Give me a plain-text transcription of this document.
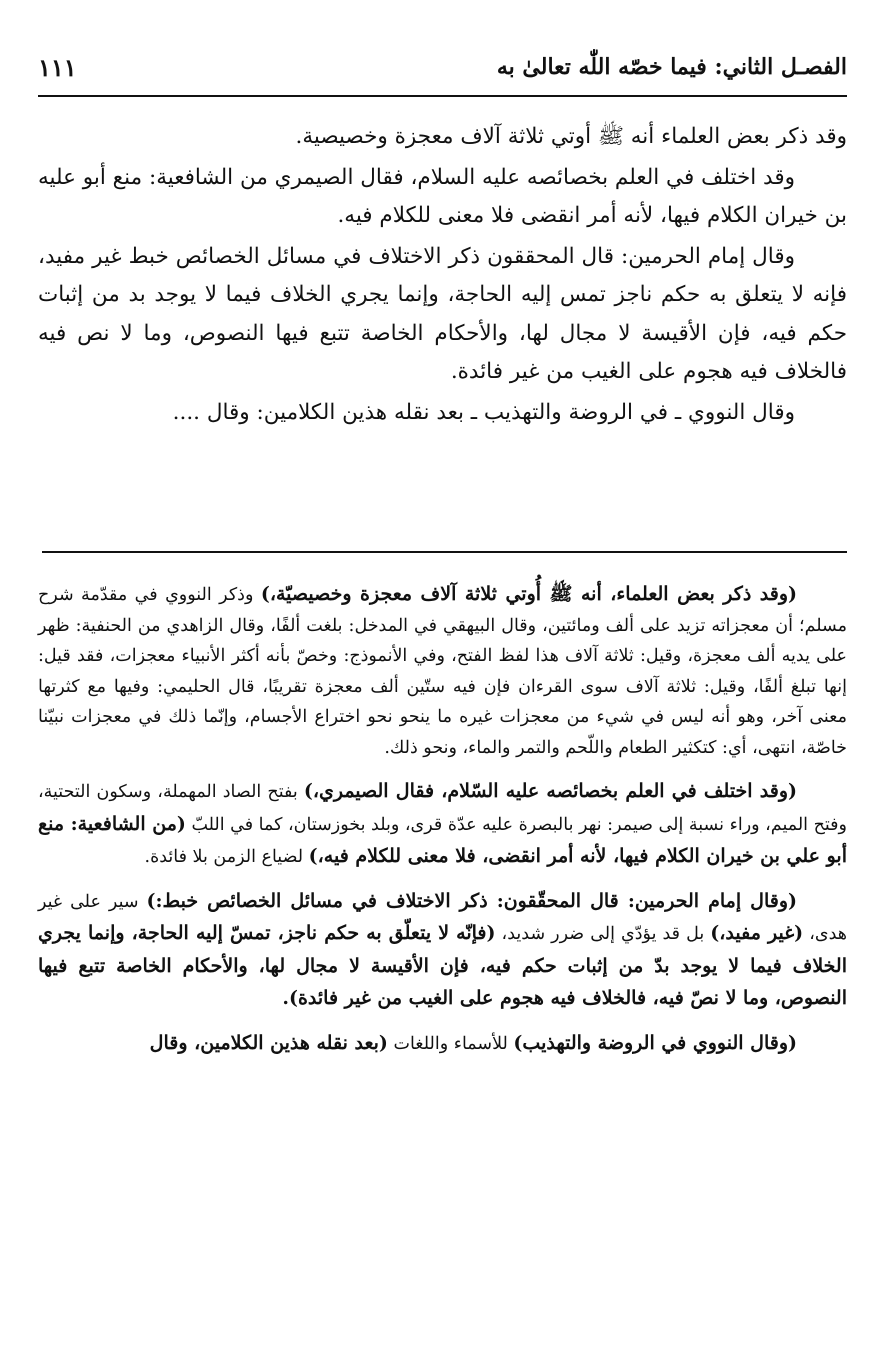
الفصـل الثاني: فيما خصّه اللّٰه تعالىٰ به
١١١

وقد ذكر بعض العلماء أنه ﷺ أوتي ثلاثة آلاف معجزة وخصيصية.

وقد اختلف في العلم بخصائصه عليه السلام، فقال الصيمري من الشافعية: منع أبو عليه بن خيران الكلام فيها، لأنه أمر انقضى فلا معنى للكلام فيه.

وقال إمام الحرمين: قال المحققون ذكر الاختلاف في مسائل الخصائص خبط غير مفيد، فإنه لا يتعلق به حكم ناجز تمس إليه الحاجة، وإنما يجري الخلاف فيما لا يوجد بد من إثبات حكم فيه، فإن الأقيسة لا مجال لها، والأحكام الخاصة تتبع فيها النصوص، وما لا نص فيه فالخلاف فيه هجوم على الغيب من غير فائدة.

وقال النووي ـ في الروضة والتهذيب ـ بعد نقله هذين الكلامين: وقال ....

(وقد ذكر بعض العلماء، أنه ﷺ أُوتي ثلاثة آلاف معجزة وخصيصيّة،) وذكر النووي في مقدّمة شرح مسلم؛ أن معجزاته تزيد على ألف ومائتين، وقال البيهقي في المدخل: بلغت ألفًا، وقال الزاهدي من الحنفية: ظهر على يديه ألف معجزة، وقيل: ثلاثة آلاف هذا لفظ الفتح، وفي الأنموذج: وخصّ بأنه أكثر الأنبياء معجزات، فقد قيل: إنها تبلغ ألفًا، وقيل: ثلاثة آلاف سوى القرءان فإن فيه ستّين ألف معجزة تقريبًا، قال الحليمي: وفيها مع كثرتها معنى آخر، وهو أنه ليس في شيء من معجزات غيره ما ينحو نحو اختراع الأجسام، وإنّما ذلك في معجزات نبيّنا خاصّة، انتهى، أي: كتكثير الطعام واللّحم والتمر والماء، ونحو ذلك.

(وقد اختلف في العلم بخصائصه عليه السّلام، فقال الصيمري،) بفتح الصاد المهملة، وسكون التحتية، وفتح الميم، وراء نسبة إلى صيمر: نهر بالبصرة عليه عدّة قرى، وبلد بخوزستان، كما في اللبّ (من الشافعية: منع أبو علي بن خيران الكلام فيها، لأنه أمر انقضى، فلا معنى للكلام فيه،) لضياع الزمن بلا فائدة.

(وقال إمام الحرمين: قال المحقّقون: ذكر الاختلاف في مسائل الخصائص خبط:) سير على غير هدى، (غير مفيد،) بل قد يؤدّي إلى ضرر شديد، (فإنّه لا يتعلّق به حكم ناجز، تمسّ إليه الحاجة، وإنما يجري الخلاف فيما لا يوجد بدّ من إثبات حكم فيه، فإن الأقيسة لا مجال لها، والأحكام الخاصة تتبع فيها النصوص، وما لا نصّ فيه، فالخلاف فيه هجوم على الغيب من غير فائدة).

(وقال النووي في الروضة والتهذيب) للأسماء واللغات (بعد نقله هذين الكلامين، وقال
